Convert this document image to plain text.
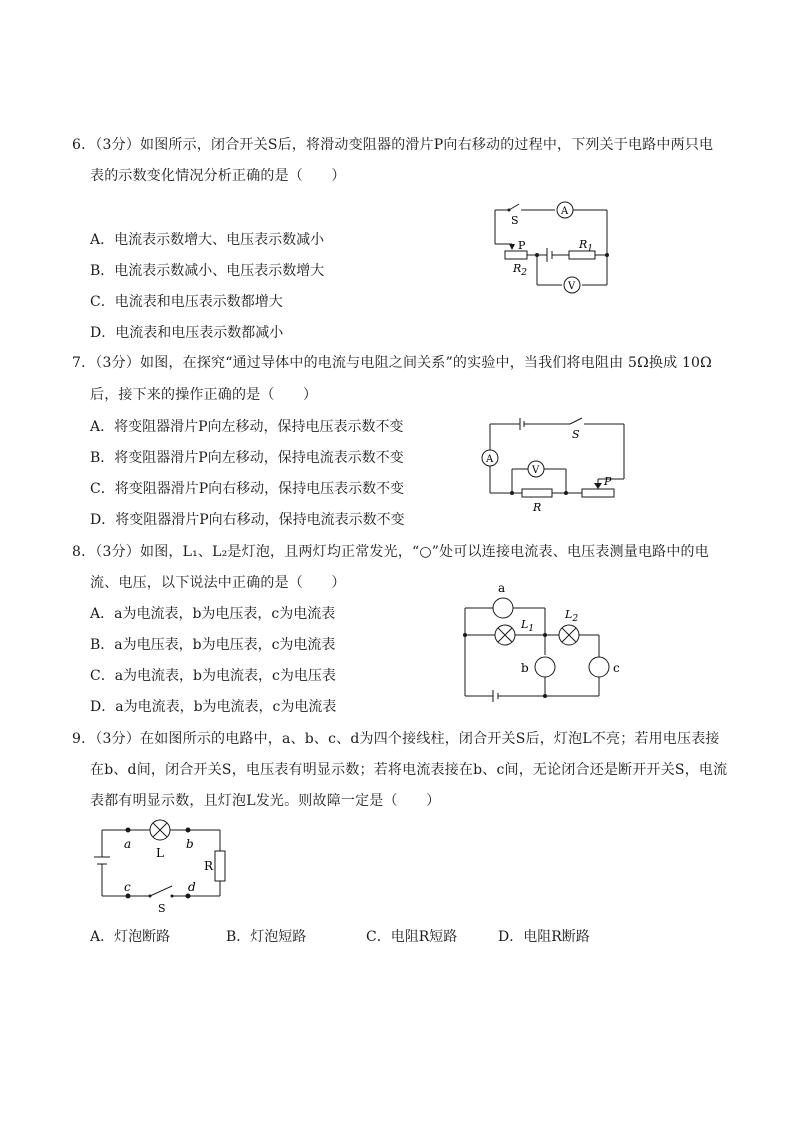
6．（3分）如图所示，闭合开关S后，将滑动变阻器的滑片P向右移动的过程中，下列关于电路中两只电
表的示数变化情况分析正确的是（　　）
A．电流表示数增大、电压表示数减小
B．电流表示数减小、电压表示数增大
C．电流表和电压表示数都增大
D．电流表和电压表示数都减小
S
A
P	$R_1$
$R_2$
V
7．（3分）如图，在探究“通过导体中的电流与电阻之间关系”的实验中，当我们将电阻由 5Ω换成 10Ω
后，接下来的操作正确的是（　　）
A．将变阻器滑片P向左移动，保持电压表示数不变
B．将变阻器滑片P向左移动，保持电流表示数不变
C．将变阻器滑片P向右移动，保持电压表示数不变
D．将变阻器滑片P向右移动，保持电流表示数不变
S
A
V
R
P
8．（3分）如图，L₁、L₂是灯泡，且两灯均正常发光，“○”处可以连接电流表、电压表测量电路中的电
流、电压，以下说法中正确的是（　　）
A．a为电流表，b为电压表，c为电流表
B．a为电压表，b为电压表，c为电流表
C．a为电流表，b为电流表，c为电压表
D．a为电流表，b为电流表，c为电流表
a
$L_1$
$L_2$
b	c
9．（3分）在如图所示的电路中，a、b、c、d为四个接线柱，闭合开关S后，灯泡L不亮；若用电压表接
在b、d间，闭合开关S，电压表有明显示数；若将电流表接在b、c间，无论闭合还是断开开关S，电流
表都有明显示数，且灯泡L发光。则故障一定是（　　）
a
L
b
R
c	d
S
A．灯泡断路	B．灯泡短路	C．电阻R短路	D．电阻R断路
